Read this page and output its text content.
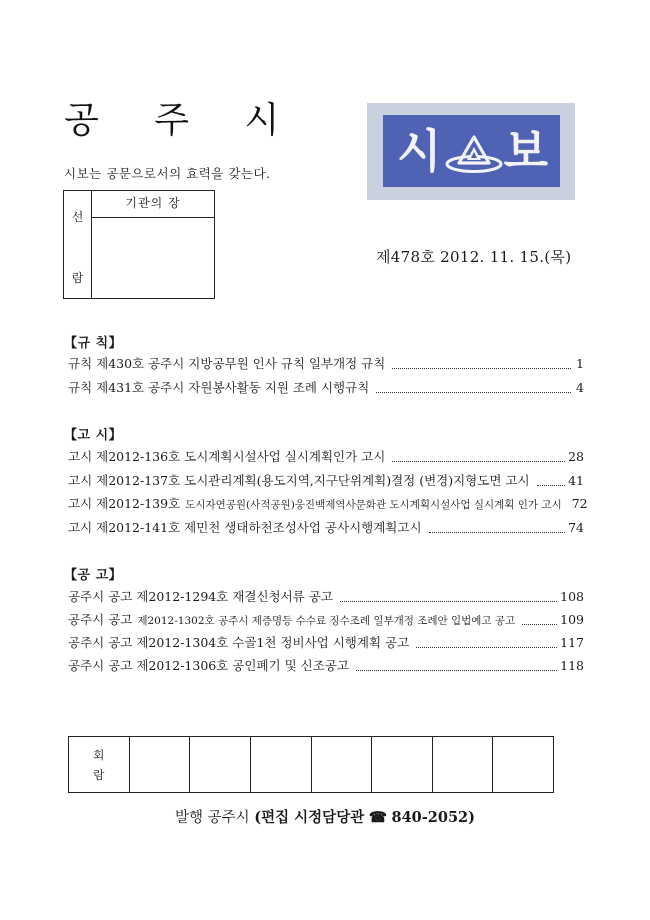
공 주 시
시보는 공문으로서의 효력을 갖는다.
선
람
기관의 장
시 보
제478호 2012. 11. 15.(목)
【규 칙】
규칙 제430호 공주시 지방공무원 인사 규칙 일부개정 규칙	1
규칙 제431호 공주시 자원봉사활동 지원 조례 시행규칙	4
【고 시】
고시 제2012-136호 도시계획시설사업 실시계획인가 고시	28
고시 제2012-137호 도시관리계획(용도지역,지구단위계획)결정 (변경)지형도면 고시	41
고시 제2012-139호 도시자연공원(사적공원)웅진백제역사문화관 도시계획시설사업 실시계획 인가 고시 72
고시 제2012-141호 제민천 생태하천조성사업 공사시행계획고시	74
【공 고】
공주시 공고 제2012-1294호 재결신청서류 공고	108
공주시 공고 제2012-1302호 공주시 제증명등 수수료 징수조례 일부개정 조례안 입법예고 공고	109
공주시 공고 제2012-1304호 수골1천 정비사업 시행계획 공고	117
공주시 공고 제2012-1306호 공인폐기 및 신조공고	118
회
람
발행 공주시 (편집 시정담당관 ☎ 840-2052)
